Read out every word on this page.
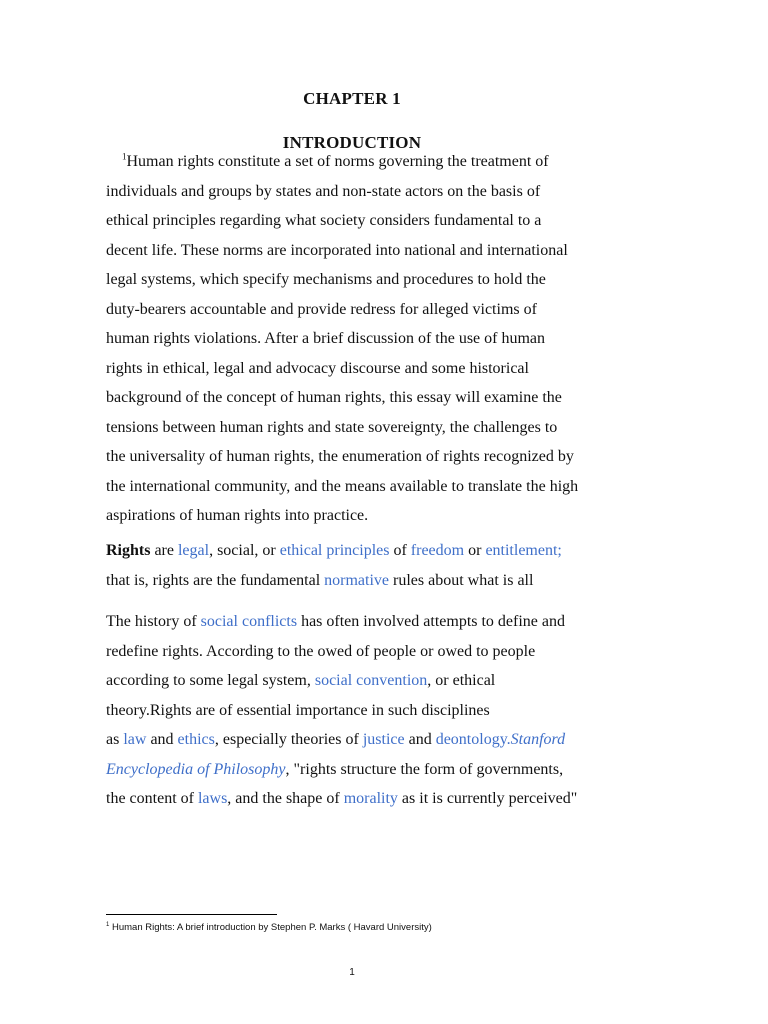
CHAPTER 1
INTRODUCTION
$^1$Human rights constitute a set of norms governing the treatment of
individuals and groups by states and non-state actors on the basis of
ethical principles regarding what society considers fundamental to a
decent life. These norms are incorporated into national and international
legal systems, which specify mechanisms and procedures to hold the
duty-bearers accountable and provide redress for alleged victims of
human rights violations. After a brief discussion of the use of human
rights in ethical, legal and advocacy discourse and some historical
background of the concept of human rights, this essay will examine the
tensions between human rights and state sovereignty, the challenges to
the universality of human rights, the enumeration of rights recognized by
the international community, and the means available to translate the high
aspirations of human rights into practice.
Rights are legal, social, or ethical principles of freedom or entitlement;
that is, rights are the fundamental normative rules about what is all
The history of social conflicts has often involved attempts to define and
redefine rights. According to the owed of people or owed to people
according to some legal system, social convention, or ethical
theory.Rights are of essential importance in such disciplines
as law and ethics, especially theories of justice and deontology.Stanford
Encyclopedia of Philosophy, "rights structure the form of governments,
the content of laws, and the shape of morality as it is currently perceived"
$^1$ Human Rights: A brief introduction by Stephen P. Marks ( Havard University)
1
